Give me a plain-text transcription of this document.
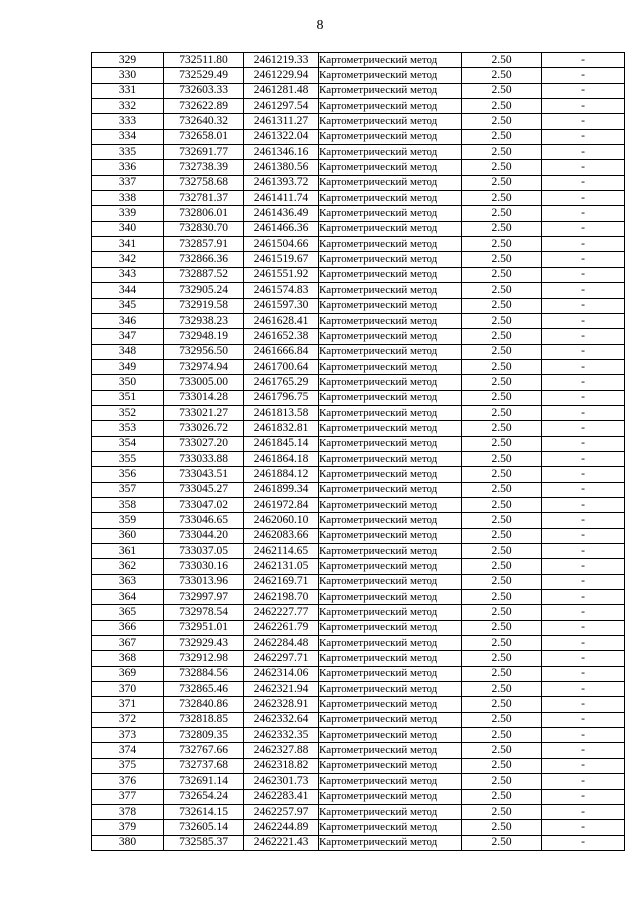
8
329	732511.80	2461219.33	Картометрический метод	2.50	-
330	732529.49	2461229.94	Картометрический метод	2.50	-
331	732603.33	2461281.48	Картометрический метод	2.50	-
332	732622.89	2461297.54	Картометрический метод	2.50	-
333	732640.32	2461311.27	Картометрический метод	2.50	-
334	732658.01	2461322.04	Картометрический метод	2.50	-
335	732691.77	2461346.16	Картометрический метод	2.50	-
336	732738.39	2461380.56	Картометрический метод	2.50	-
337	732758.68	2461393.72	Картометрический метод	2.50	-
338	732781.37	2461411.74	Картометрический метод	2.50	-
339	732806.01	2461436.49	Картометрический метод	2.50	-
340	732830.70	2461466.36	Картометрический метод	2.50	-
341	732857.91	2461504.66	Картометрический метод	2.50	-
342	732866.36	2461519.67	Картометрический метод	2.50	-
343	732887.52	2461551.92	Картометрический метод	2.50	-
344	732905.24	2461574.83	Картометрический метод	2.50	-
345	732919.58	2461597.30	Картометрический метод	2.50	-
346	732938.23	2461628.41	Картометрический метод	2.50	-
347	732948.19	2461652.38	Картометрический метод	2.50	-
348	732956.50	2461666.84	Картометрический метод	2.50	-
349	732974.94	2461700.64	Картометрический метод	2.50	-
350	733005.00	2461765.29	Картометрический метод	2.50	-
351	733014.28	2461796.75	Картометрический метод	2.50	-
352	733021.27	2461813.58	Картометрический метод	2.50	-
353	733026.72	2461832.81	Картометрический метод	2.50	-
354	733027.20	2461845.14	Картометрический метод	2.50	-
355	733033.88	2461864.18	Картометрический метод	2.50	-
356	733043.51	2461884.12	Картометрический метод	2.50	-
357	733045.27	2461899.34	Картометрический метод	2.50	-
358	733047.02	2461972.84	Картометрический метод	2.50	-
359	733046.65	2462060.10	Картометрический метод	2.50	-
360	733044.20	2462083.66	Картометрический метод	2.50	-
361	733037.05	2462114.65	Картометрический метод	2.50	-
362	733030.16	2462131.05	Картометрический метод	2.50	-
363	733013.96	2462169.71	Картометрический метод	2.50	-
364	732997.97	2462198.70	Картометрический метод	2.50	-
365	732978.54	2462227.77	Картометрический метод	2.50	-
366	732951.01	2462261.79	Картометрический метод	2.50	-
367	732929.43	2462284.48	Картометрический метод	2.50	-
368	732912.98	2462297.71	Картометрический метод	2.50	-
369	732884.56	2462314.06	Картометрический метод	2.50	-
370	732865.46	2462321.94	Картометрический метод	2.50	-
371	732840.86	2462328.91	Картометрический метод	2.50	-
372	732818.85	2462332.64	Картометрический метод	2.50	-
373	732809.35	2462332.35	Картометрический метод	2.50	-
374	732767.66	2462327.88	Картометрический метод	2.50	-
375	732737.68	2462318.82	Картометрический метод	2.50	-
376	732691.14	2462301.73	Картометрический метод	2.50	-
377	732654.24	2462283.41	Картометрический метод	2.50	-
378	732614.15	2462257.97	Картометрический метод	2.50	-
379	732605.14	2462244.89	Картометрический метод	2.50	-
380	732585.37	2462221.43	Картометрический метод	2.50	-
